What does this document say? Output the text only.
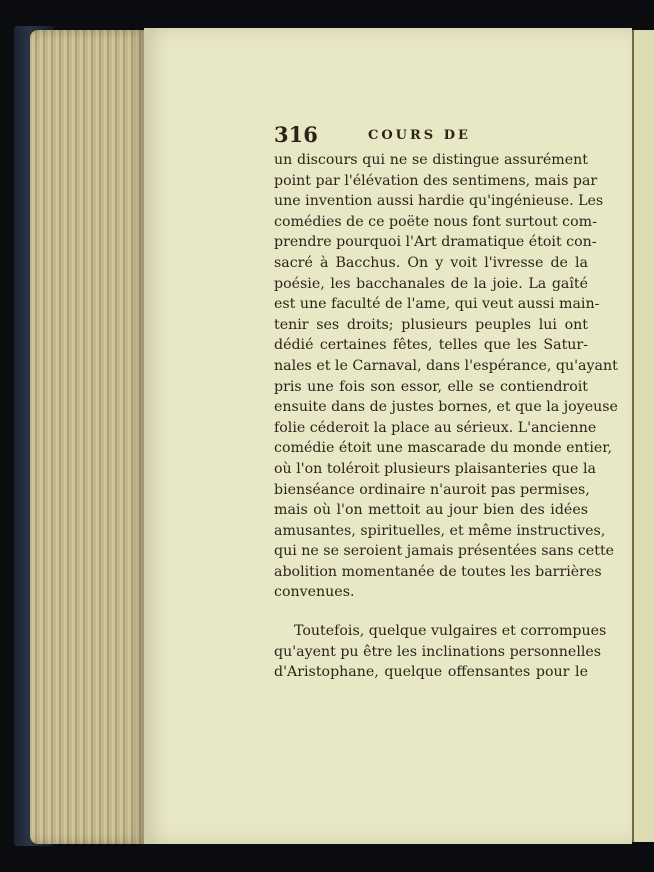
316	COURS DE
un discours qui ne se distingue assurément
point par l'élévation des sentimens, mais par
une invention aussi hardie qu'ingénieuse. Les
comédies de ce poëte nous font surtout com-
prendre pourquoi l'Art dramatique étoit con-
sacré à Bacchus. On y voit l'ivresse de la
poésie, les bacchanales de la joie. La gaîté
est une faculté de l'ame, qui veut aussi main-
tenir ses droits; plusieurs peuples lui ont
dédié certaines fêtes, telles que les Satur-
nales et le Carnaval, dans l'espérance, qu'ayant
pris une fois son essor, elle se contiendroit
ensuite dans de justes bornes, et que la joyeuse
folie céderoit la place au sérieux. L'ancienne
comédie étoit une mascarade du monde entier,
où l'on toléroit plusieurs plaisanteries que la
bienséance ordinaire n'auroit pas permises,
mais où l'on mettoit au jour bien des idées
amusantes, spirituelles, et même instructives,
qui ne se seroient jamais présentées sans cette
abolition momentanée de toutes les barrières
convenues.
Toutefois, quelque vulgaires et corrompues
qu'ayent pu être les inclinations personnelles
d'Aristophane, quelque offensantes pour le
